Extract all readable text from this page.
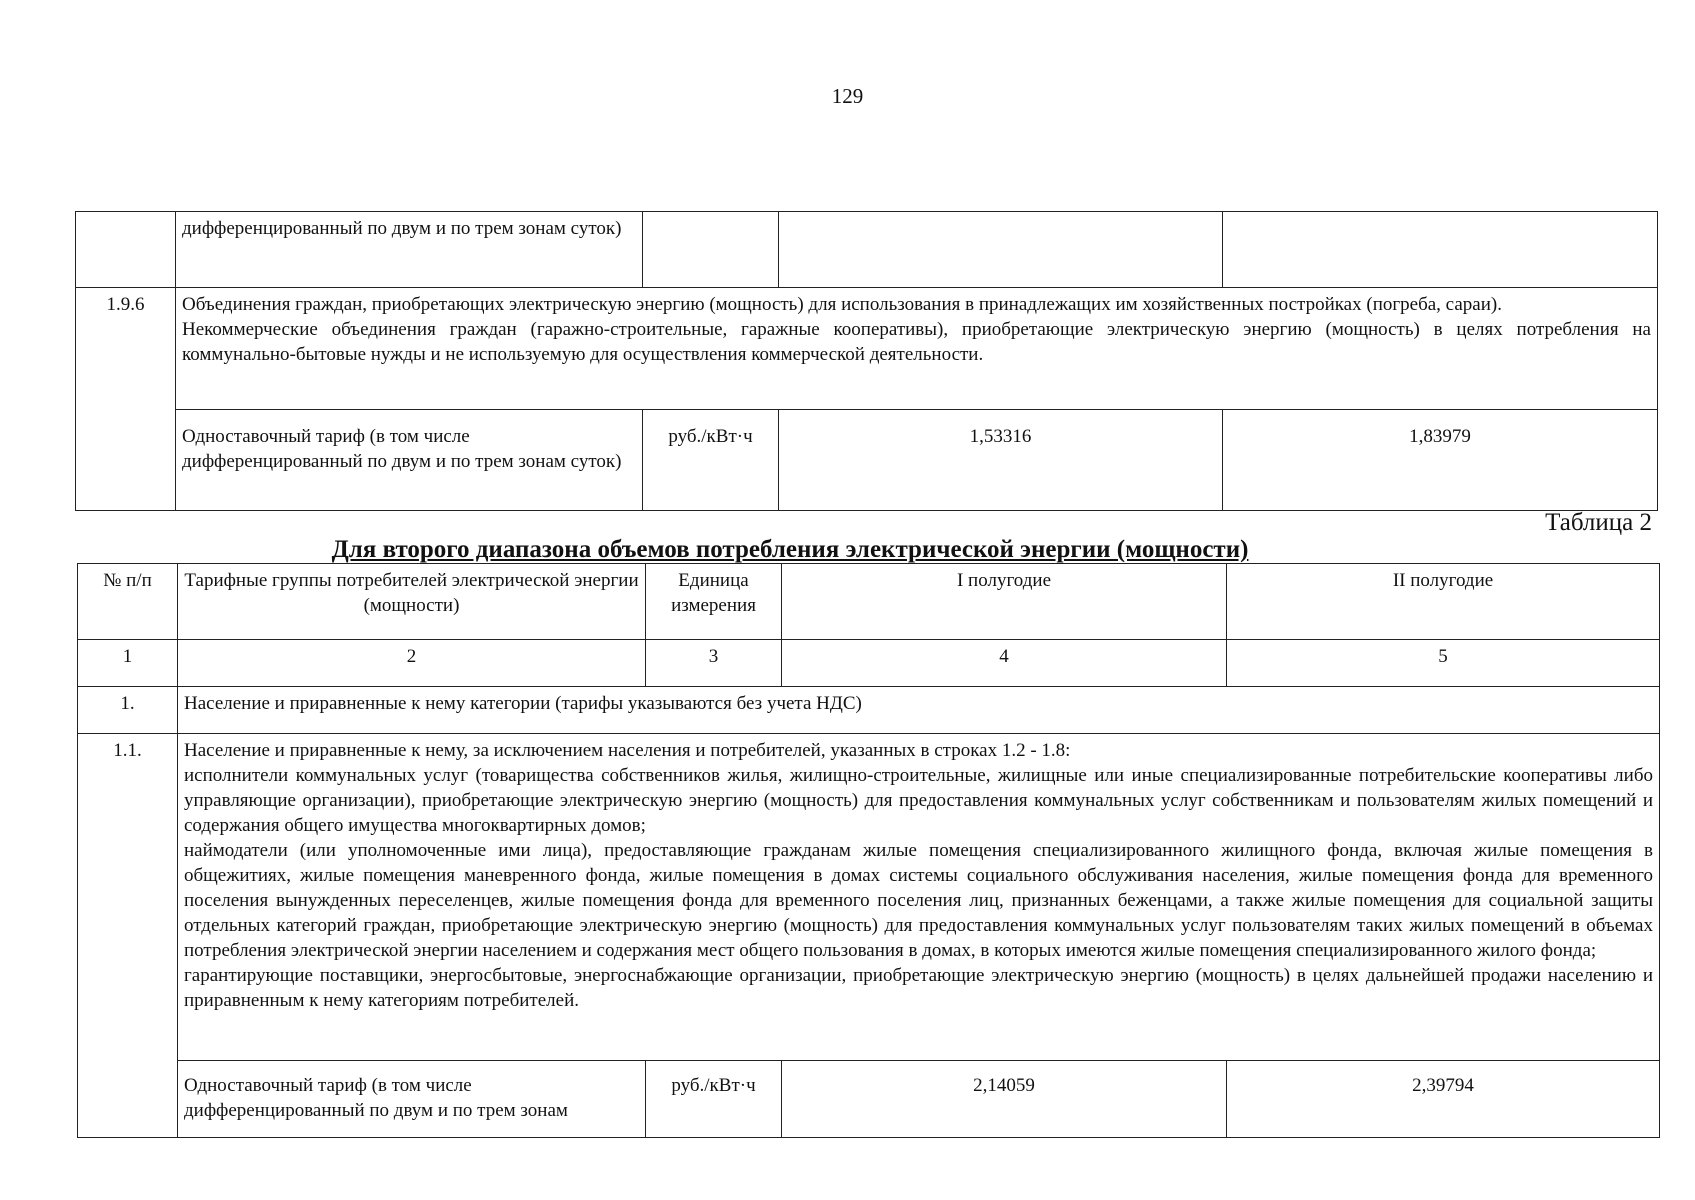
129
	дифференцированный по двум и по трем зонам суток)			
1.9.6	Объединения граждан, приобретающих электрическую энергию (мощность) для использования в принадлежащих им хозяйственных постройках (погреба, сараи).
Некоммерческие объединения граждан (гаражно-строительные, гаражные кооперативы), приобретающие электрическую энергию (мощность) в целях потребления на коммунально-бытовые нужды и не используемую для осуществления коммерческой деятельности.			

	Одноставочный тариф (в том числе дифференцированный по двум и по трем зонам суток)	руб./кВт·ч	1,53316	1,83979
Таблица 2
Для второго диапазона объемов потребления электрической энергии (мощности)
№ п/п	Тарифные группы потребителей электрической энергии (мощности)	Единица измерения	I полугодие	II полугодие
1	2	3	4	5
1.	Население и приравненные к нему категории (тарифы указываются без учета НДС)			
1.1.	Население и приравненные к нему, за исключением населения и потребителей, указанных в строках 1.2 - 1.8:
исполнители коммунальных услуг (товарищества собственников жилья, жилищно-строительные, жилищные или иные специализированные потребительские кооперативы либо управляющие организации), приобретающие электрическую энергию (мощность) для предоставления коммунальных услуг собственникам и пользователям жилых помещений и содержания общего имущества многоквартирных домов;
наймодатели (или уполномоченные ими лица), предоставляющие гражданам жилые помещения специализированного жилищного фонда, включая жилые помещения в общежитиях, жилые помещения маневренного фонда, жилые помещения в домах системы социального обслуживания населения, жилые помещения фонда для временного поселения вынужденных переселенцев, жилые помещения фонда для временного поселения лиц, признанных беженцами, а также жилые помещения для социальной защиты отдельных категорий граждан, приобретающие электрическую энергию (мощность) для предоставления коммунальных услуг пользователям таких жилых помещений в объемах потребления электрической энергии населением и содержания мест общего пользования в домах, в которых имеются жилые помещения специализированного жилого фонда;
гарантирующие поставщики, энергосбытовые, энергоснабжающие организации, приобретающие электрическую энергию (мощность) в целях дальнейшей продажи населению и приравненным к нему категориям потребителей.			

	Одноставочный тариф (в том числе дифференцированный по двум и по трем зонам	руб./кВт·ч	2,14059	2,39794
